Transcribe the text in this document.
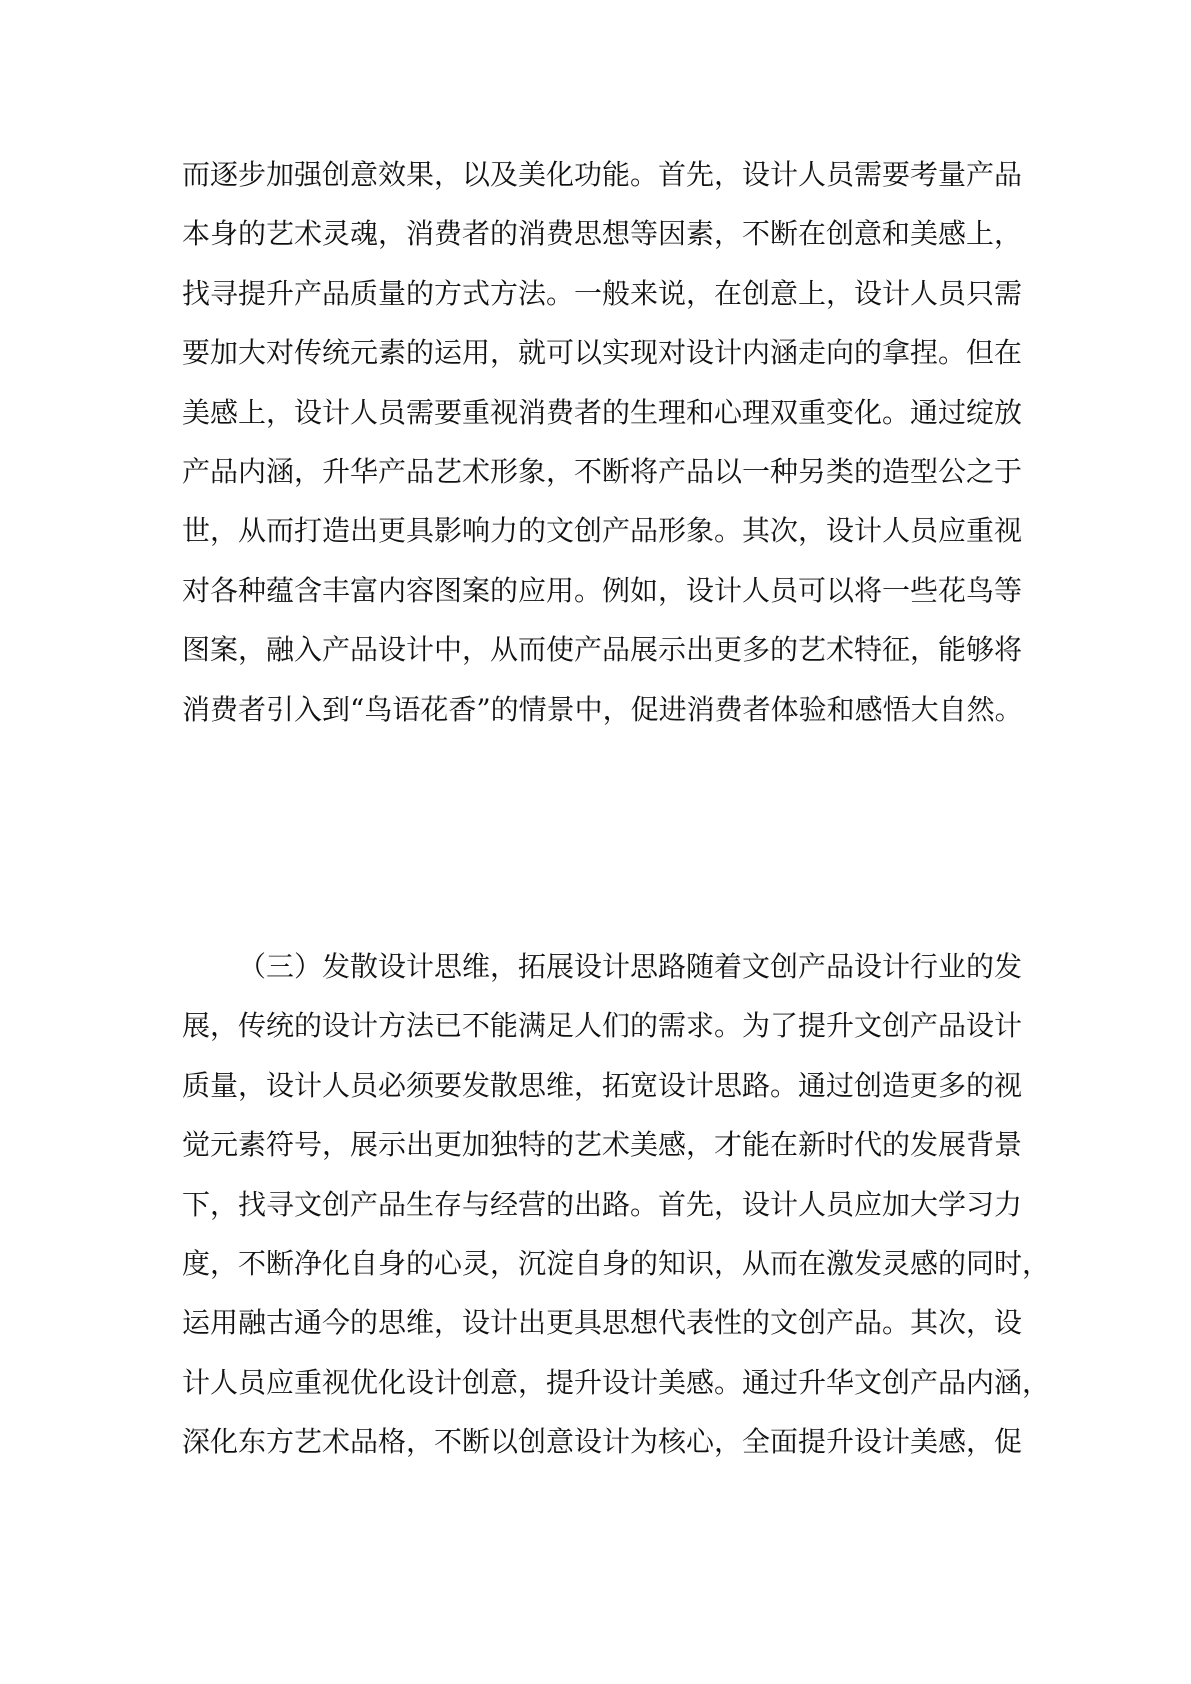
而逐步加强创意效果，以及美化功能。首先，设计人员需要考量产品
本身的艺术灵魂，消费者的消费思想等因素，不断在创意和美感上，
找寻提升产品质量的方式方法。一般来说，在创意上，设计人员只需
要加大对传统元素的运用，就可以实现对设计内涵走向的拿捏。但在
美感上，设计人员需要重视消费者的生理和心理双重变化。通过绽放
产品内涵，升华产品艺术形象，不断将产品以一种另类的造型公之于
世，从而打造出更具影响力的文创产品形象。其次，设计人员应重视
对各种蕴含丰富内容图案的应用。例如，设计人员可以将一些花鸟等
图案，融入产品设计中，从而使产品展示出更多的艺术特征，能够将
消费者引入到“鸟语花香”的情景中，促进消费者体验和感悟大自然。
（三）发散设计思维，拓展设计思路随着文创产品设计行业的发
展，传统的设计方法已不能满足人们的需求。为了提升文创产品设计
质量，设计人员必须要发散思维，拓宽设计思路。通过创造更多的视
觉元素符号，展示出更加独特的艺术美感，才能在新时代的发展背景
下，找寻文创产品生存与经营的出路。首先，设计人员应加大学习力
度，不断净化自身的心灵，沉淀自身的知识，从而在激发灵感的同时，
运用融古通今的思维，设计出更具思想代表性的文创产品。其次，设
计人员应重视优化设计创意，提升设计美感。通过升华文创产品内涵，
深化东方艺术品格，不断以创意设计为核心，全面提升设计美感，促
